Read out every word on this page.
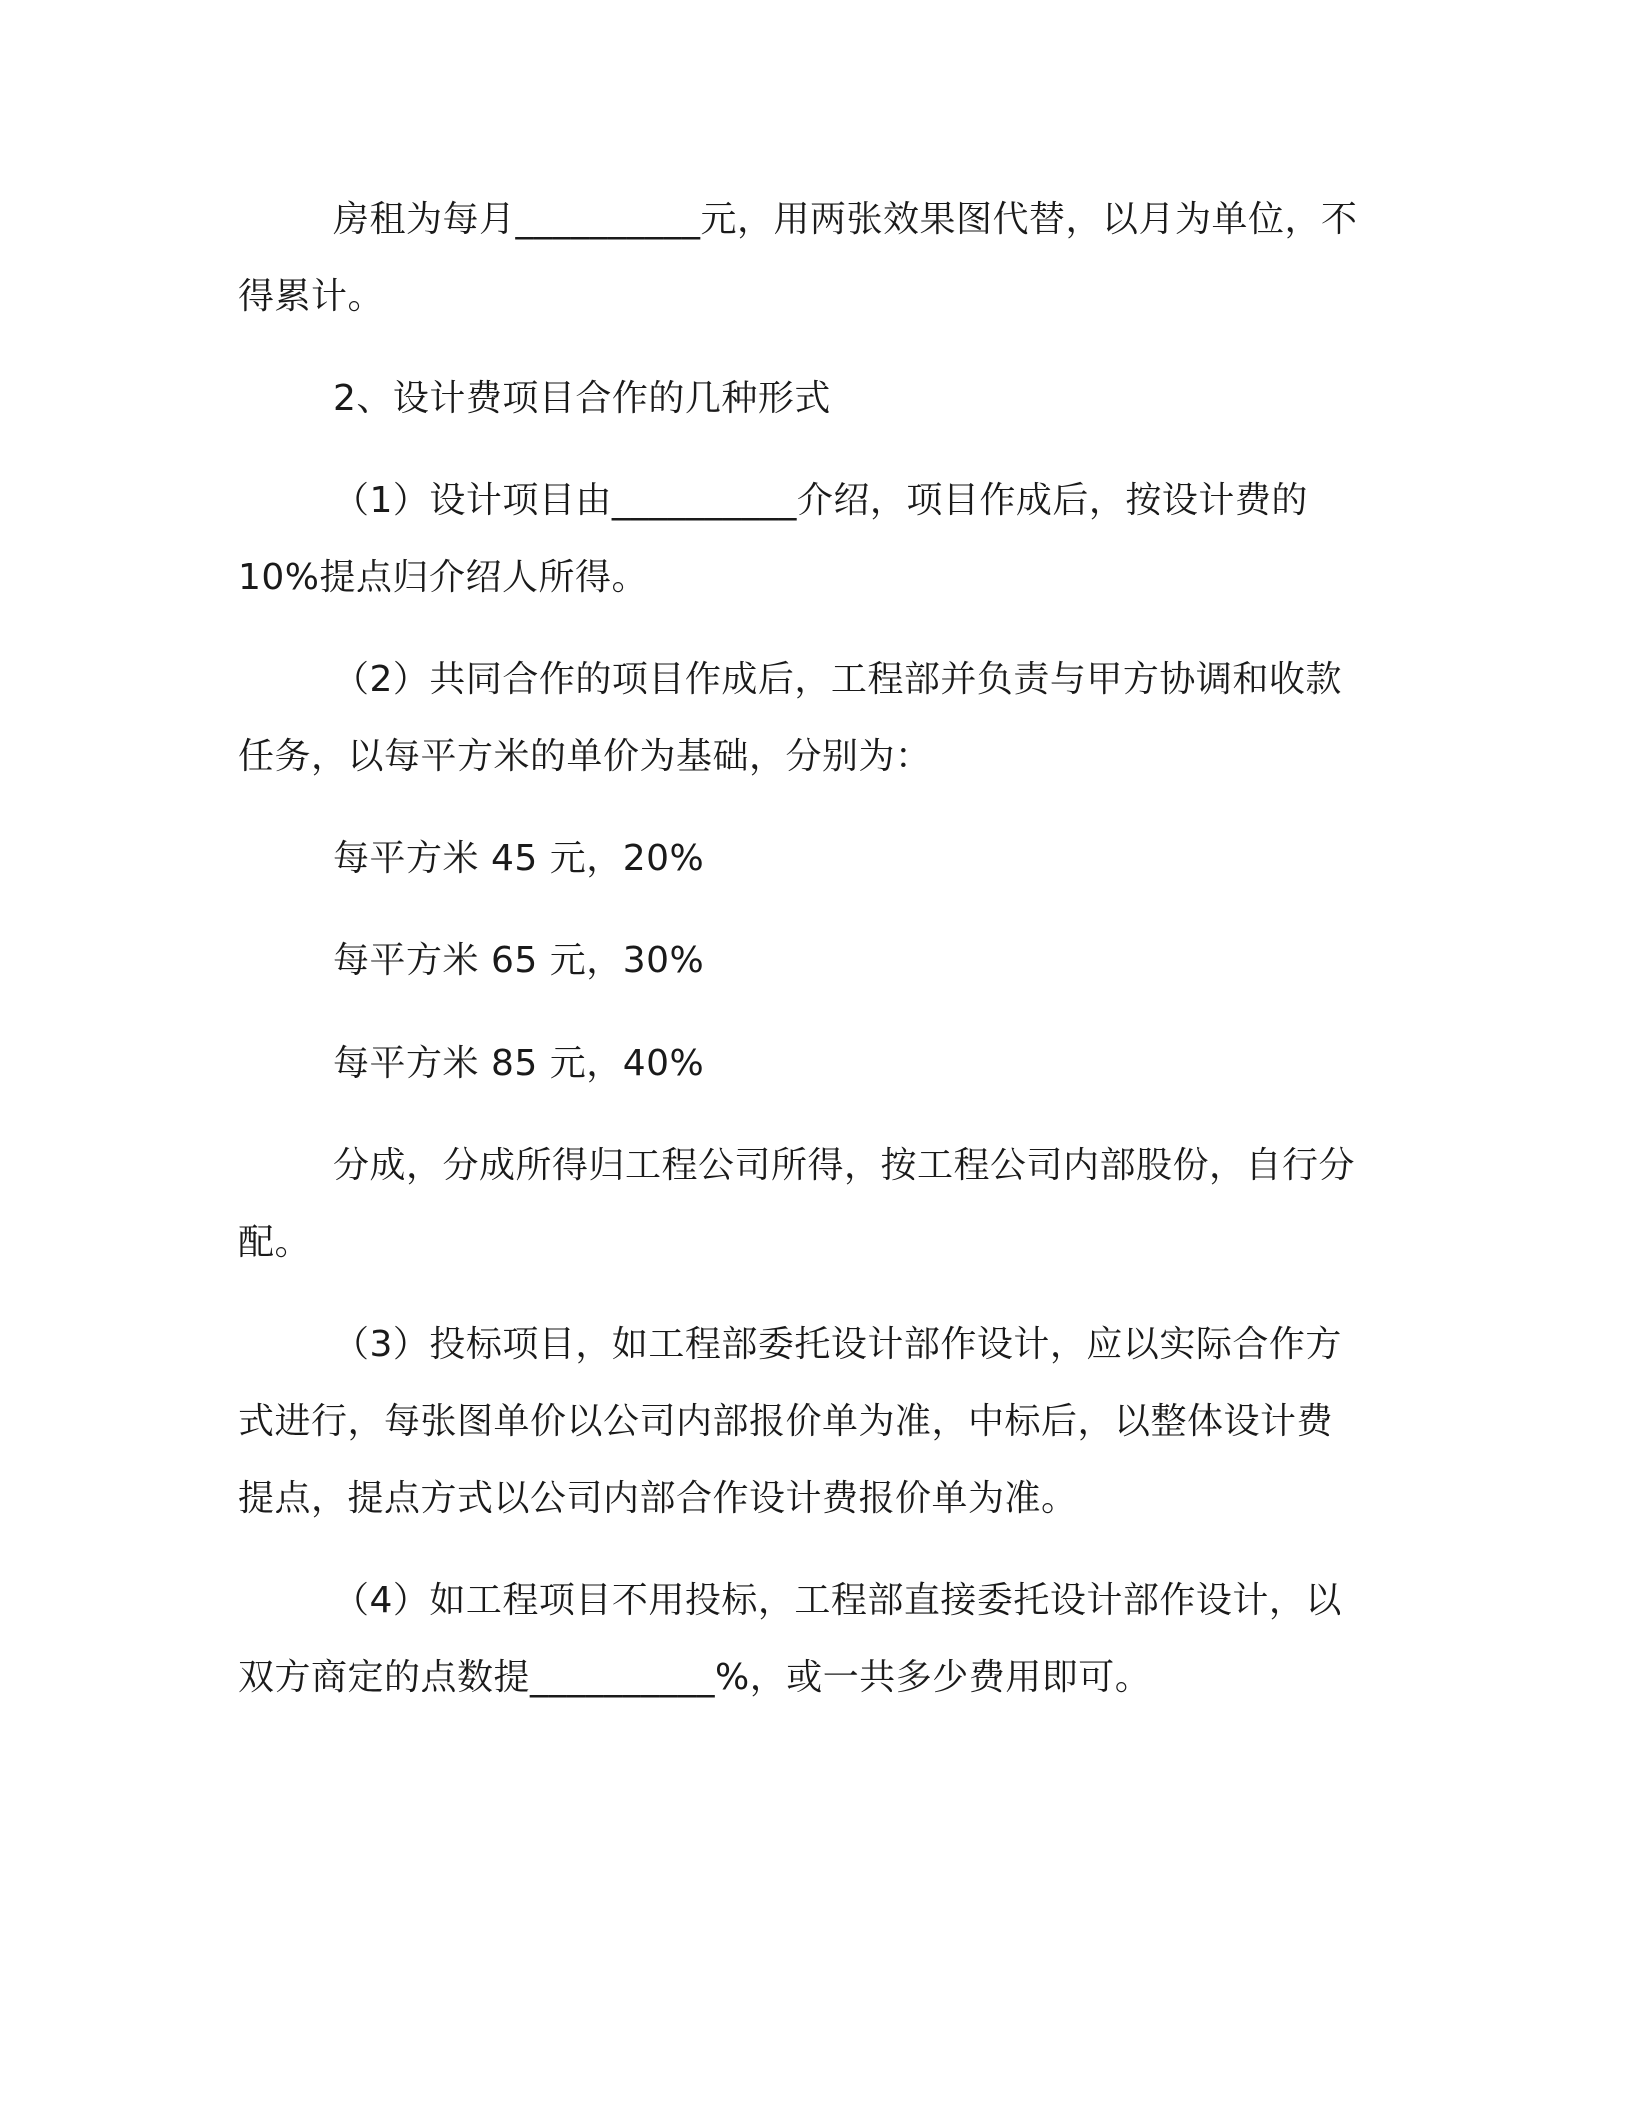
房租为每月__________元，用两张效果图代替，以月为单位，不
得累计。
2、设计费项目合作的几种形式
（1）设计项目由__________介绍，项目作成后，按设计费的
10%提点归介绍人所得。
（2）共同合作的项目作成后，工程部并负责与甲方协调和收款
任务，以每平方米的单价为基础，分别为：
每平方米 45 元，20%
每平方米 65 元，30%
每平方米 85 元，40%
分成，分成所得归工程公司所得，按工程公司内部股份，自行分
配。
（3）投标项目，如工程部委托设计部作设计，应以实际合作方
式进行，每张图单价以公司内部报价单为准，中标后，以整体设计费
提点，提点方式以公司内部合作设计费报价单为准。
（4）如工程项目不用投标，工程部直接委托设计部作设计，以
双方商定的点数提__________%，或一共多少费用即可。
